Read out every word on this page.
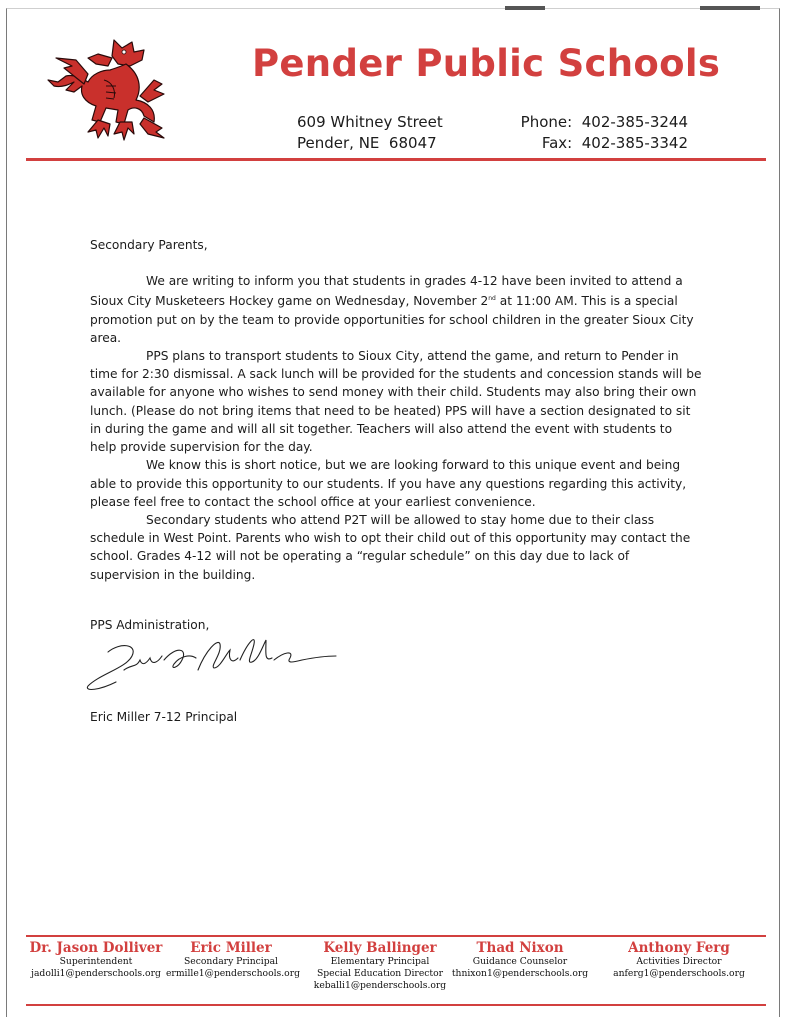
Pender Public Schools
609 Whitney Street
Pender, NE  68047
Phone:  402-385-3244
Fax:  402-385-3342

Secondary Parents,

We are writing to inform you that students in grades 4-12 have been invited to attend a Sioux City Musketeers Hockey game on Wednesday, November 2nd at 11:00 AM. This is a special promotion put on by the team to provide opportunities for school children in the greater Sioux City area.

PPS plans to transport students to Sioux City, attend the game, and return to Pender in time for 2:30 dismissal. A sack lunch will be provided for the students and concession stands will be available for anyone who wishes to send money with their child. Students may also bring their own lunch. (Please do not bring items that need to be heated) PPS will have a section designated to sit in during the game and will all sit together. Teachers will also attend the event with students to help provide supervision for the day.

We know this is short notice, but we are looking forward to this unique event and being able to provide this opportunity to our students. If you have any questions regarding this activity, please feel free to contact the school office at your earliest convenience.

Secondary students who attend P2T will be allowed to stay home due to their class schedule in West Point. Parents who wish to opt their child out of this opportunity may contact the school. Grades 4-12 will not be operating a “regular schedule” on this day due to lack of supervision in the building.

PPS Administration,
Eric Miller 7-12 Principal
Dr. Jason Dolliver
Superintendent
jadolli1@penderschools.org
Eric Miller
Secondary Principal
ermille1@penderschools.org
Kelly Ballinger
Elementary Principal
Special Education Director
keballi1@penderschools.org
Thad Nixon
Guidance Counselor
thnixon1@penderschools.org
Anthony Ferg
Activities Director
anferg1@penderschools.org
